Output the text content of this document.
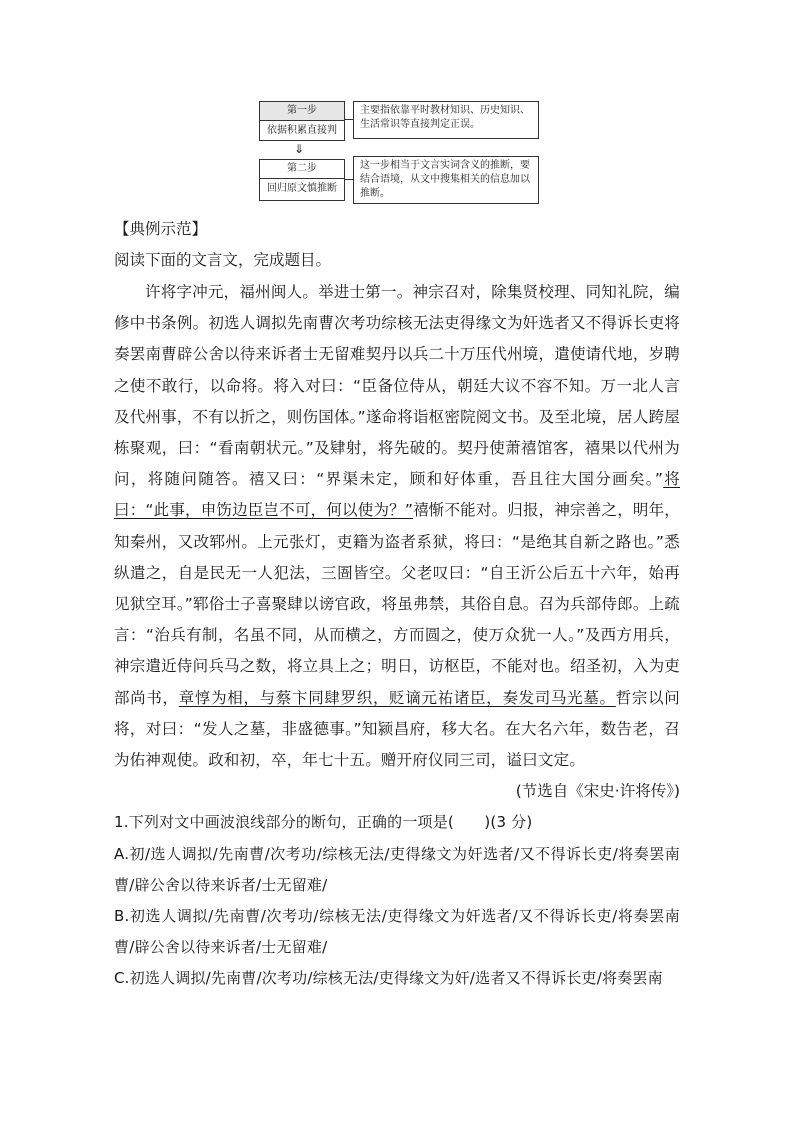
第一步
依据积累直接判
主要指依靠平时教材知识、历史知识、
生活常识等直接判定正误。
⇓
第二步
回归原文慎推断
这一步相当于文言实词含义的推断，要
结合语境，从文中搜集相关的信息加以
推断。
【典例示范】
阅读下面的文言文，完成题目。
许将字冲元，福州闽人。举进士第一。神宗召对，除集贤校理、同知礼院，编修中书条例。初选人调拟先南曹次考功综核无法吏得缘文为奸选者又不得诉长吏将奏罢南曹辟公舍以待来诉者士无留难契丹以兵二十万压代州境，遣使请代地，岁聘之使不敢行，以命将。将入对曰：“臣备位侍从，朝廷大议不容不知。万一北人言及代州事，不有以折之，则伤国体。”遂命将诣枢密院阅文书。及至北境，居人跨屋栋聚观，曰：“看南朝状元。”及肄射，将先破的。契丹使萧禧馆客，禧果以代州为问，将随问随答。禧又曰：“界渠未定，顾和好体重，吾且往大国分画矣。”将曰：“此事，申饬边臣岂不可，何以使为？”禧惭不能对。归报，神宗善之，明年，知秦州，又改郓州。上元张灯，吏籍为盗者系狱，将曰：“是绝其自新之路也。”悉纵遣之，自是民无一人犯法，三圄皆空。父老叹曰：“自王沂公后五十六年，始再见狱空耳。”郓俗士子喜聚肆以谤官政，将虽弗禁，其俗自息。召为兵部侍郎。上疏言：“治兵有制，名虽不同，从而横之，方而圆之，使万众犹一人。”及西方用兵，神宗遣近侍问兵马之数，将立具上之；明日，访枢臣，不能对也。绍圣初，入为吏部尚书，章惇为相，与蔡卞同肆罗织，贬谪元祐诸臣，奏发司马光墓。哲宗以问将，对曰：“发人之墓，非盛德事。”知颍昌府，移大名。在大名六年，数告老，召为佑神观使。政和初，卒，年七十五。赠开府仪同三司，谥曰文定。
(节选自《宋史·许将传》)
1.下列对文中画波浪线部分的断句，正确的一项是(　　)(3 分)
A.初/选人调拟/先南曹/次考功/综核无法/吏得缘文为奸选者/又不得诉长吏/将奏罢南曹/辟公舍以待来诉者/士无留难/
B.初选人调拟/先南曹/次考功/综核无法/吏得缘文为奸选者/又不得诉长吏/将奏罢南曹/辟公舍以待来诉者/士无留难/
C.初选人调拟/先南曹/次考功/综核无法/吏得缘文为奸/选者又不得诉长吏/将奏罢南
